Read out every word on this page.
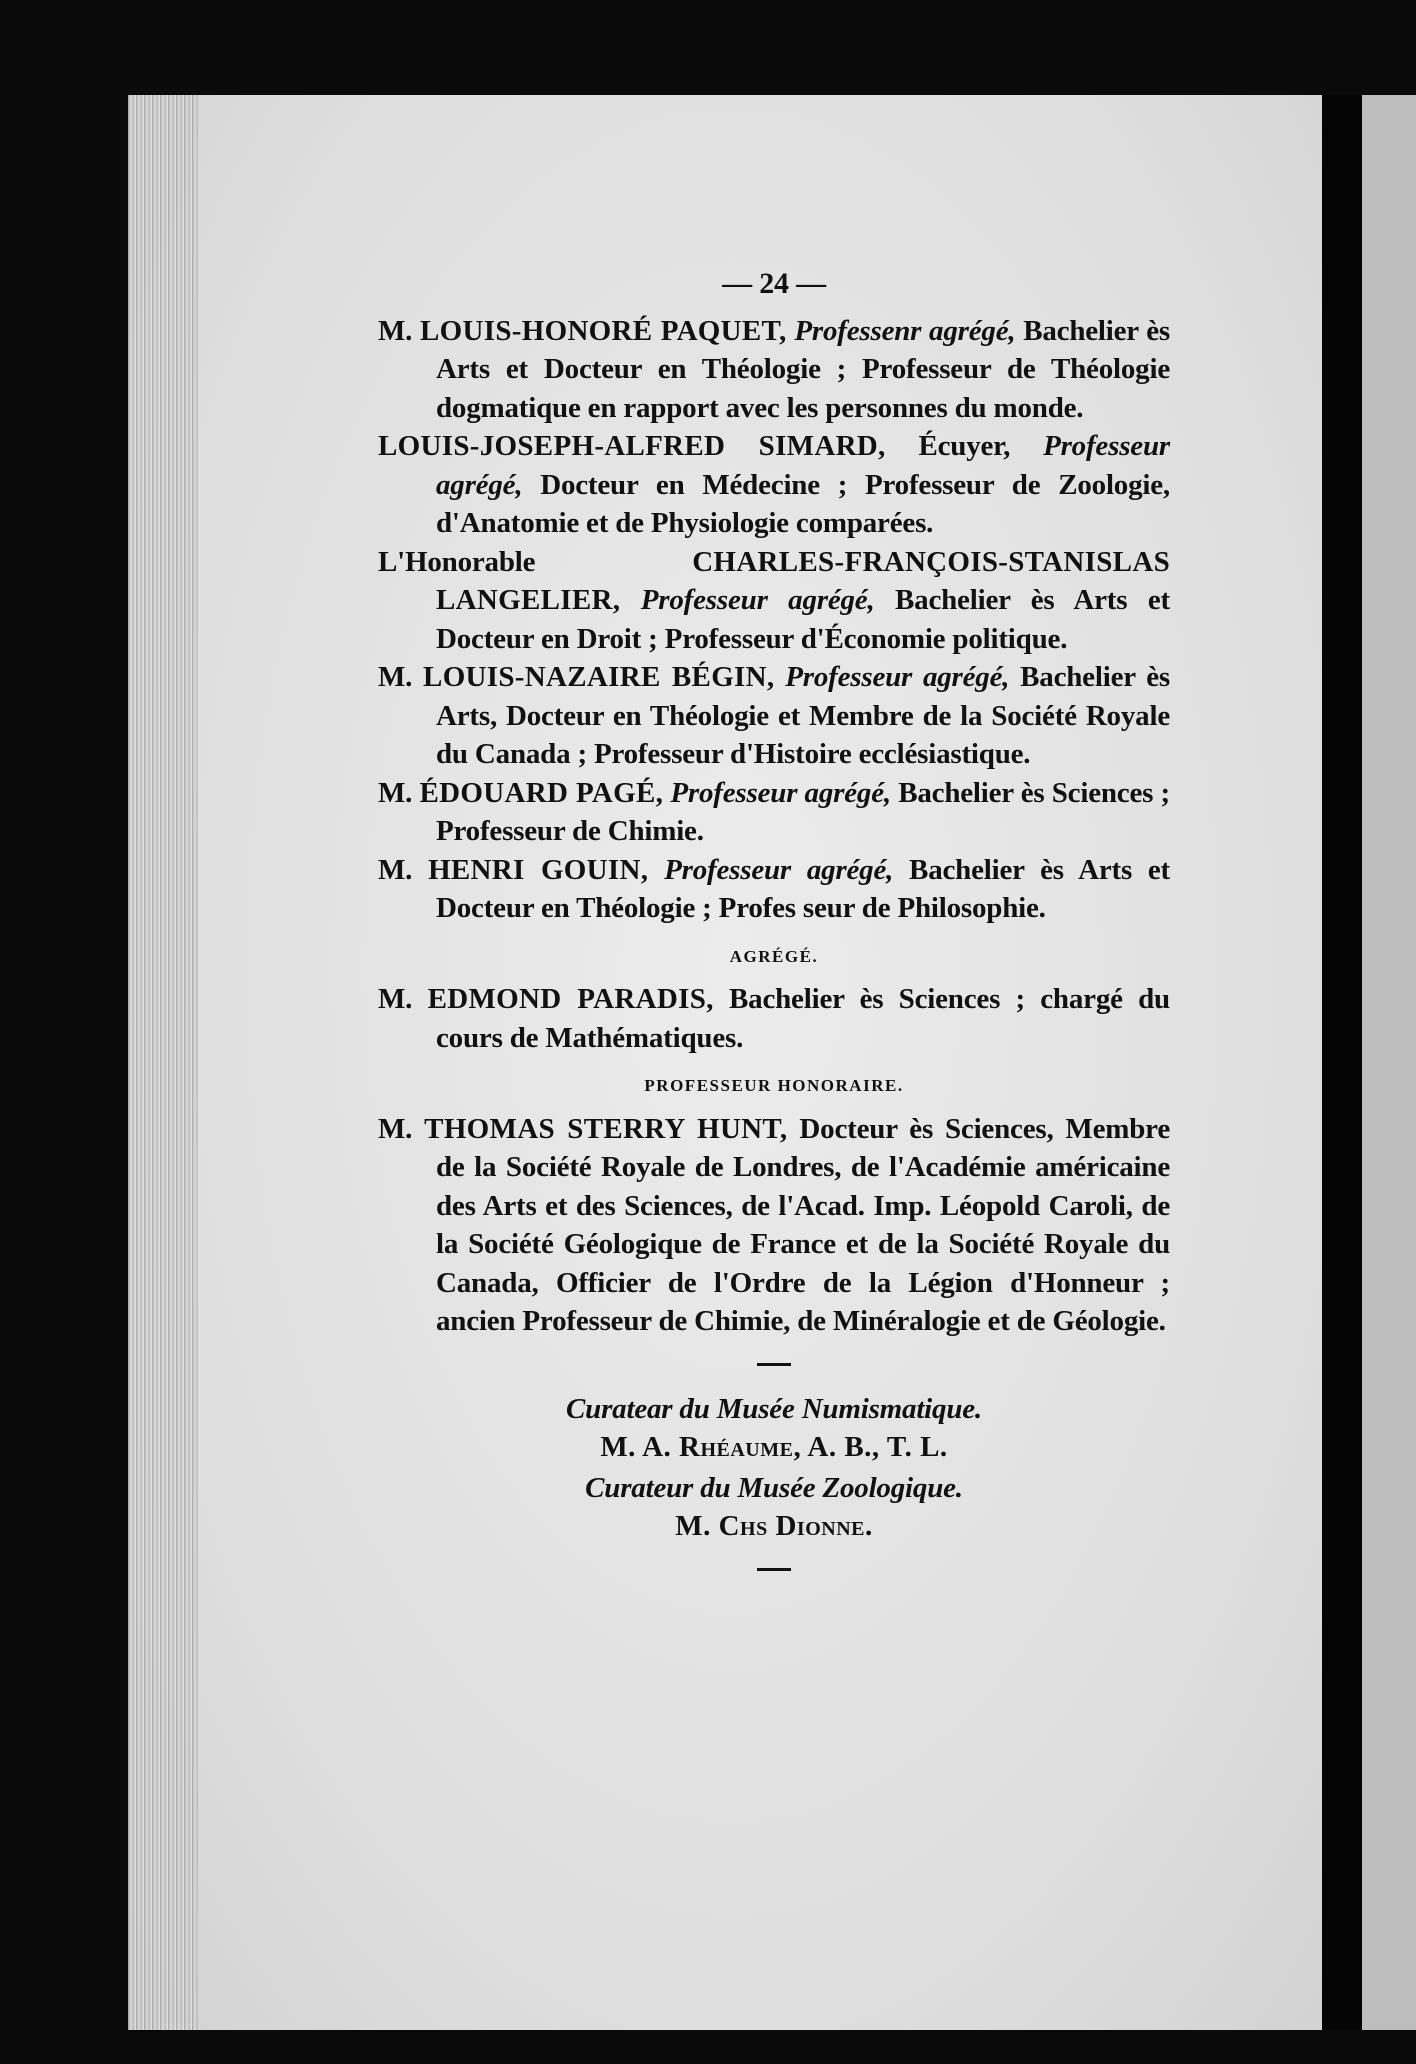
— 24 —
M. LOUIS-HONORÉ PAQUET, Professenr agrégé, Bachelier ès Arts et Docteur en Théologie ; Professeur de Théologie dogmatique en rapport avec les personnes du monde.
LOUIS-JOSEPH-ALFRED SIMARD, Écuyer, Professeur agrégé, Docteur en Médecine ; Professeur de Zoologie, d'Anatomie et de Physiologie comparées.
L'Honorable	CHARLES-FRANÇOIS-STANISLAS LANGELIER, Professeur agrégé, Bachelier ès Arts et Docteur en Droit ; Professeur d'Économie politique.
M. LOUIS-NAZAIRE BÉGIN, Professeur agrégé, Bachelier ès Arts, Docteur en Théologie et Membre de la Société Royale du Canada ; Professeur d'Histoire ecclésiastique.
M. ÉDOUARD PAGÉ, Professeur agrégé, Bachelier ès Sciences ; Professeur de Chimie.
M. HENRI GOUIN, Professeur agrégé, Bachelier ès Arts et Docteur en Théologie ; Profes seur de Philosophie.
AGRÉGÉ.
M. EDMOND PARADIS, Bachelier ès Sciences ; chargé du cours de Mathématiques.
PROFESSEUR HONORAIRE.
M. THOMAS STERRY HUNT, Docteur ès Sciences, Membre de la Société Royale de Londres, de l'Académie américaine des Arts et des Sciences, de l'Acad. Imp. Léopold Caroli, de la Société Géologique de France et de la Société Royale du Canada, Officier de l'Ordre de la Légion d'Honneur ; ancien Professeur de Chimie, de Minéralogie et de Géologie.

Curatear du Musée Numismatique.

M. A. Rhéaume, A. B., T. L.

Curateur du Musée Zoologique.

M. Chs Dionne.
